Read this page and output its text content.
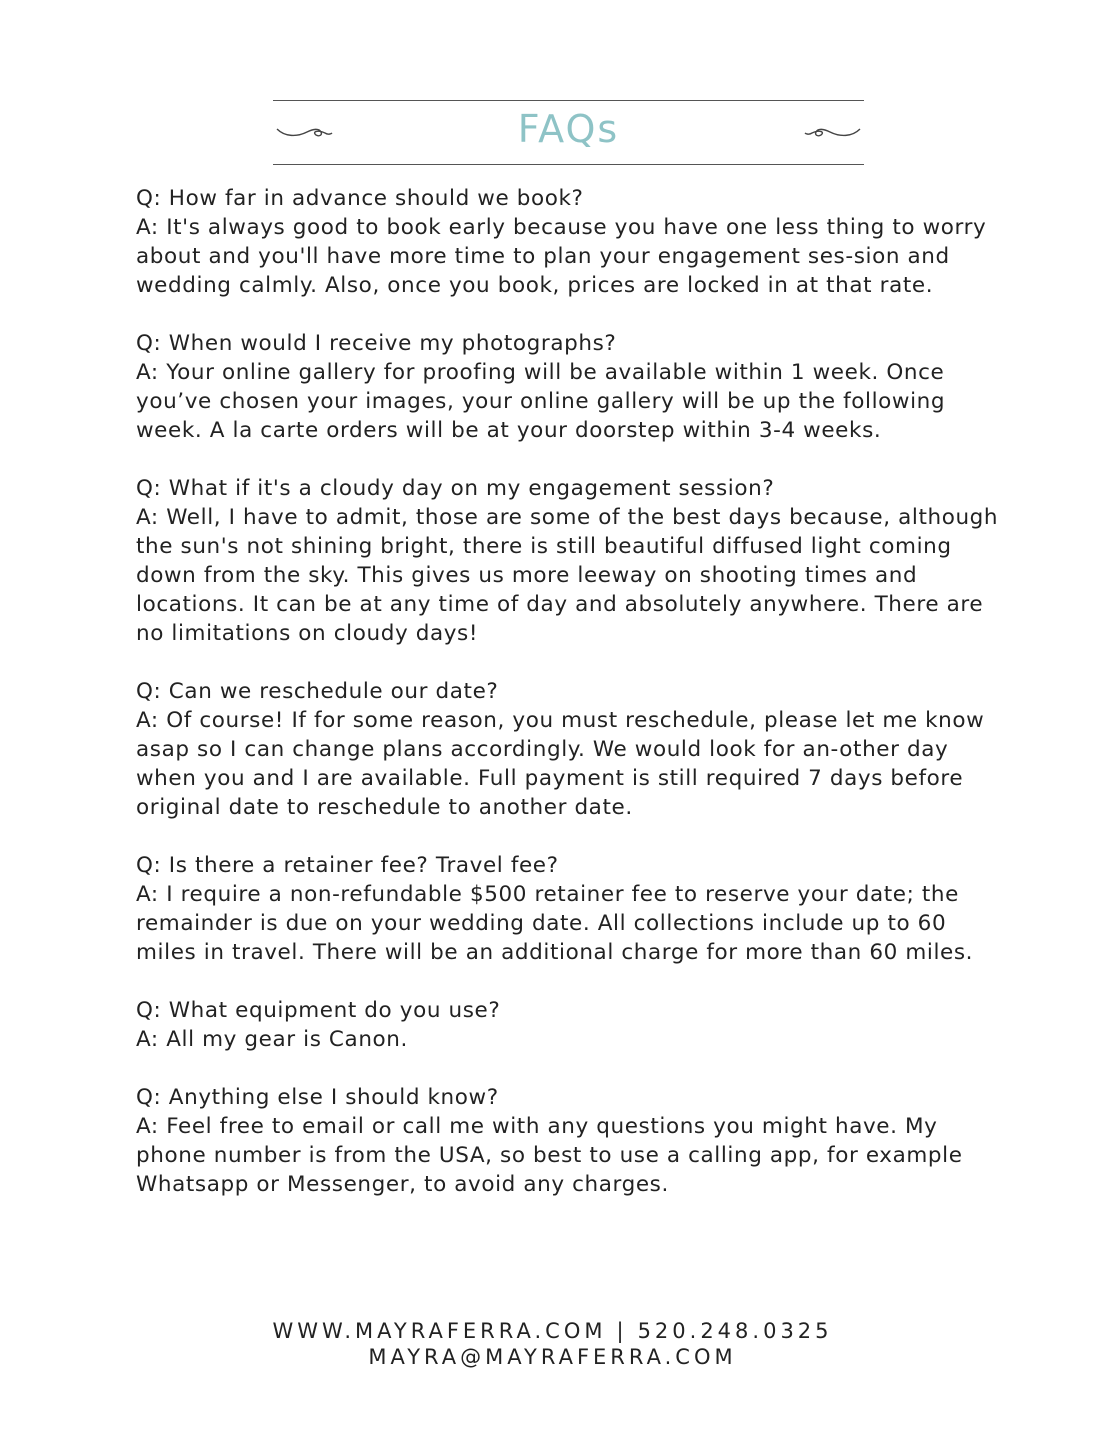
FAQs

Q: How far in advance should we book?

A: It's always good to book early because you have one less thing to worry about and you'll have more time to plan your engagement ses-sion and wedding calmly. Also, once you book, prices are locked in at that rate.

Q: When would I receive my photographs?

A: Your online gallery for proofing will be available within 1 week. Once you’ve chosen your images, your online gallery will be up the following week. A la carte orders will be at your doorstep within 3-4 weeks.

Q: What if it's a cloudy day on my engagement session?

A: Well, I have to admit, those are some of the best days because, although the sun's not shining bright, there is still beautiful diffused light coming down from the sky. This gives us more leeway on shooting times and locations. It can be at any time of day and absolutely anywhere. There are no limitations on cloudy days!

Q: Can we reschedule our date?

A: Of course! If for some reason, you must reschedule, please let me know asap so I can change plans accordingly. We would look for an-other day when you and I are available. Full payment is still required 7 days before original date to reschedule to another date.

Q: Is there a retainer fee? Travel fee?

A: I require a non-refundable $500 retainer fee to reserve your date; the remainder is due on your wedding date. All collections include up to 60 miles in travel. There will be an additional charge for more than 60 miles.

Q: What equipment do you use?

A: All my gear is Canon.

Q: Anything else I should know?

A: Feel free to email or call me with any questions you might have. My phone number is from the USA, so best to use a calling app, for example Whatsapp or Messenger, to avoid any charges.

WWW.MAYRAFERRA.COM | 520.248.0325
MAYRA@MAYRAFERRA.COM
